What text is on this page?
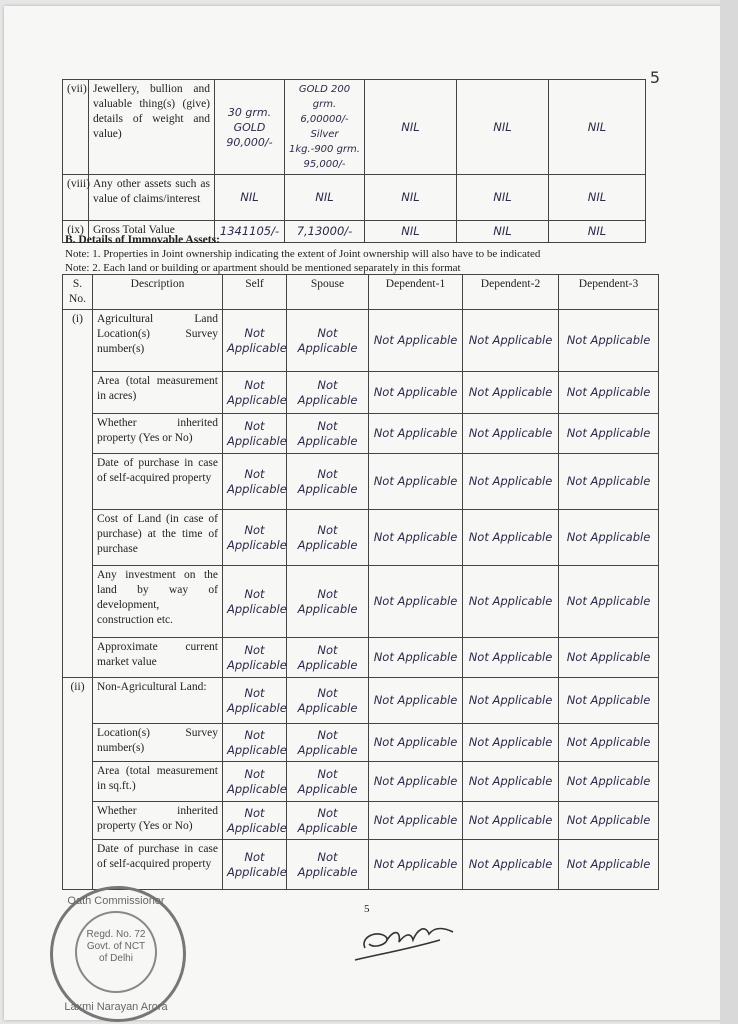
5
(vii)	Jewellery, bullion and valuable thing(s) (give) details of weight and value)	30 grm. GOLD 90,000/-	GOLD 200 grm. 6,00000/- Silver 1kg.-900 grm. 95,000/-	NIL	NIL	NIL
(viii)	Any other assets such as value of claims/interest	NIL	NIL	NIL	NIL	NIL
(ix)	Gross Total Value	1341105/-	7,13000/-	NIL	NIL	NIL
B. Details of Immovable Assets:
Note: 1. Properties in Joint ownership indicating the extent of Joint ownership will also have to be indicated
Note: 2. Each land or building or apartment should be mentioned separately in this format
S. No.	Description	Self	Spouse	Dependent-1	Dependent-2	Dependent-3
(i)	Agricultural Land Location(s) Survey number(s)	Not Applicable	Not Applicable	Not Applicable	Not Applicable	Not Applicable
	Area (total measurement in acres)	Not Applicable	Not Applicable	Not Applicable	Not Applicable	Not Applicable
	Whether inherited property (Yes or No)	Not Applicable	Not Applicable	Not Applicable	Not Applicable	Not Applicable
	Date of purchase in case of self-acquired property	Not Applicable	Not Applicable	Not Applicable	Not Applicable	Not Applicable
	Cost of Land (in case of purchase) at the time of purchase	Not Applicable	Not Applicable	Not Applicable	Not Applicable	Not Applicable
	Any investment on the land by way of development, construction etc.	Not Applicable	Not Applicable	Not Applicable	Not Applicable	Not Applicable
	Approximate current market value	Not Applicable	Not Applicable	Not Applicable	Not Applicable	Not Applicable
(ii)	Non-Agricultural Land:	Not Applicable	Not Applicable	Not Applicable	Not Applicable	Not Applicable
	Location(s) Survey number(s)	Not Applicable	Not Applicable	Not Applicable	Not Applicable	Not Applicable
	Area (total measurement in sq.ft.)	Not Applicable	Not Applicable	Not Applicable	Not Applicable	Not Applicable
	Whether inherited property (Yes or No)	Not Applicable	Not Applicable	Not Applicable	Not Applicable	Not Applicable
	Date of purchase in case of self-acquired property	Not Applicable	Not Applicable	Not Applicable	Not Applicable	Not Applicable
5
Oath Commissioner
Regd. No. 72
Govt. of NCT
of Delhi
Laxmi Narayan Arora
